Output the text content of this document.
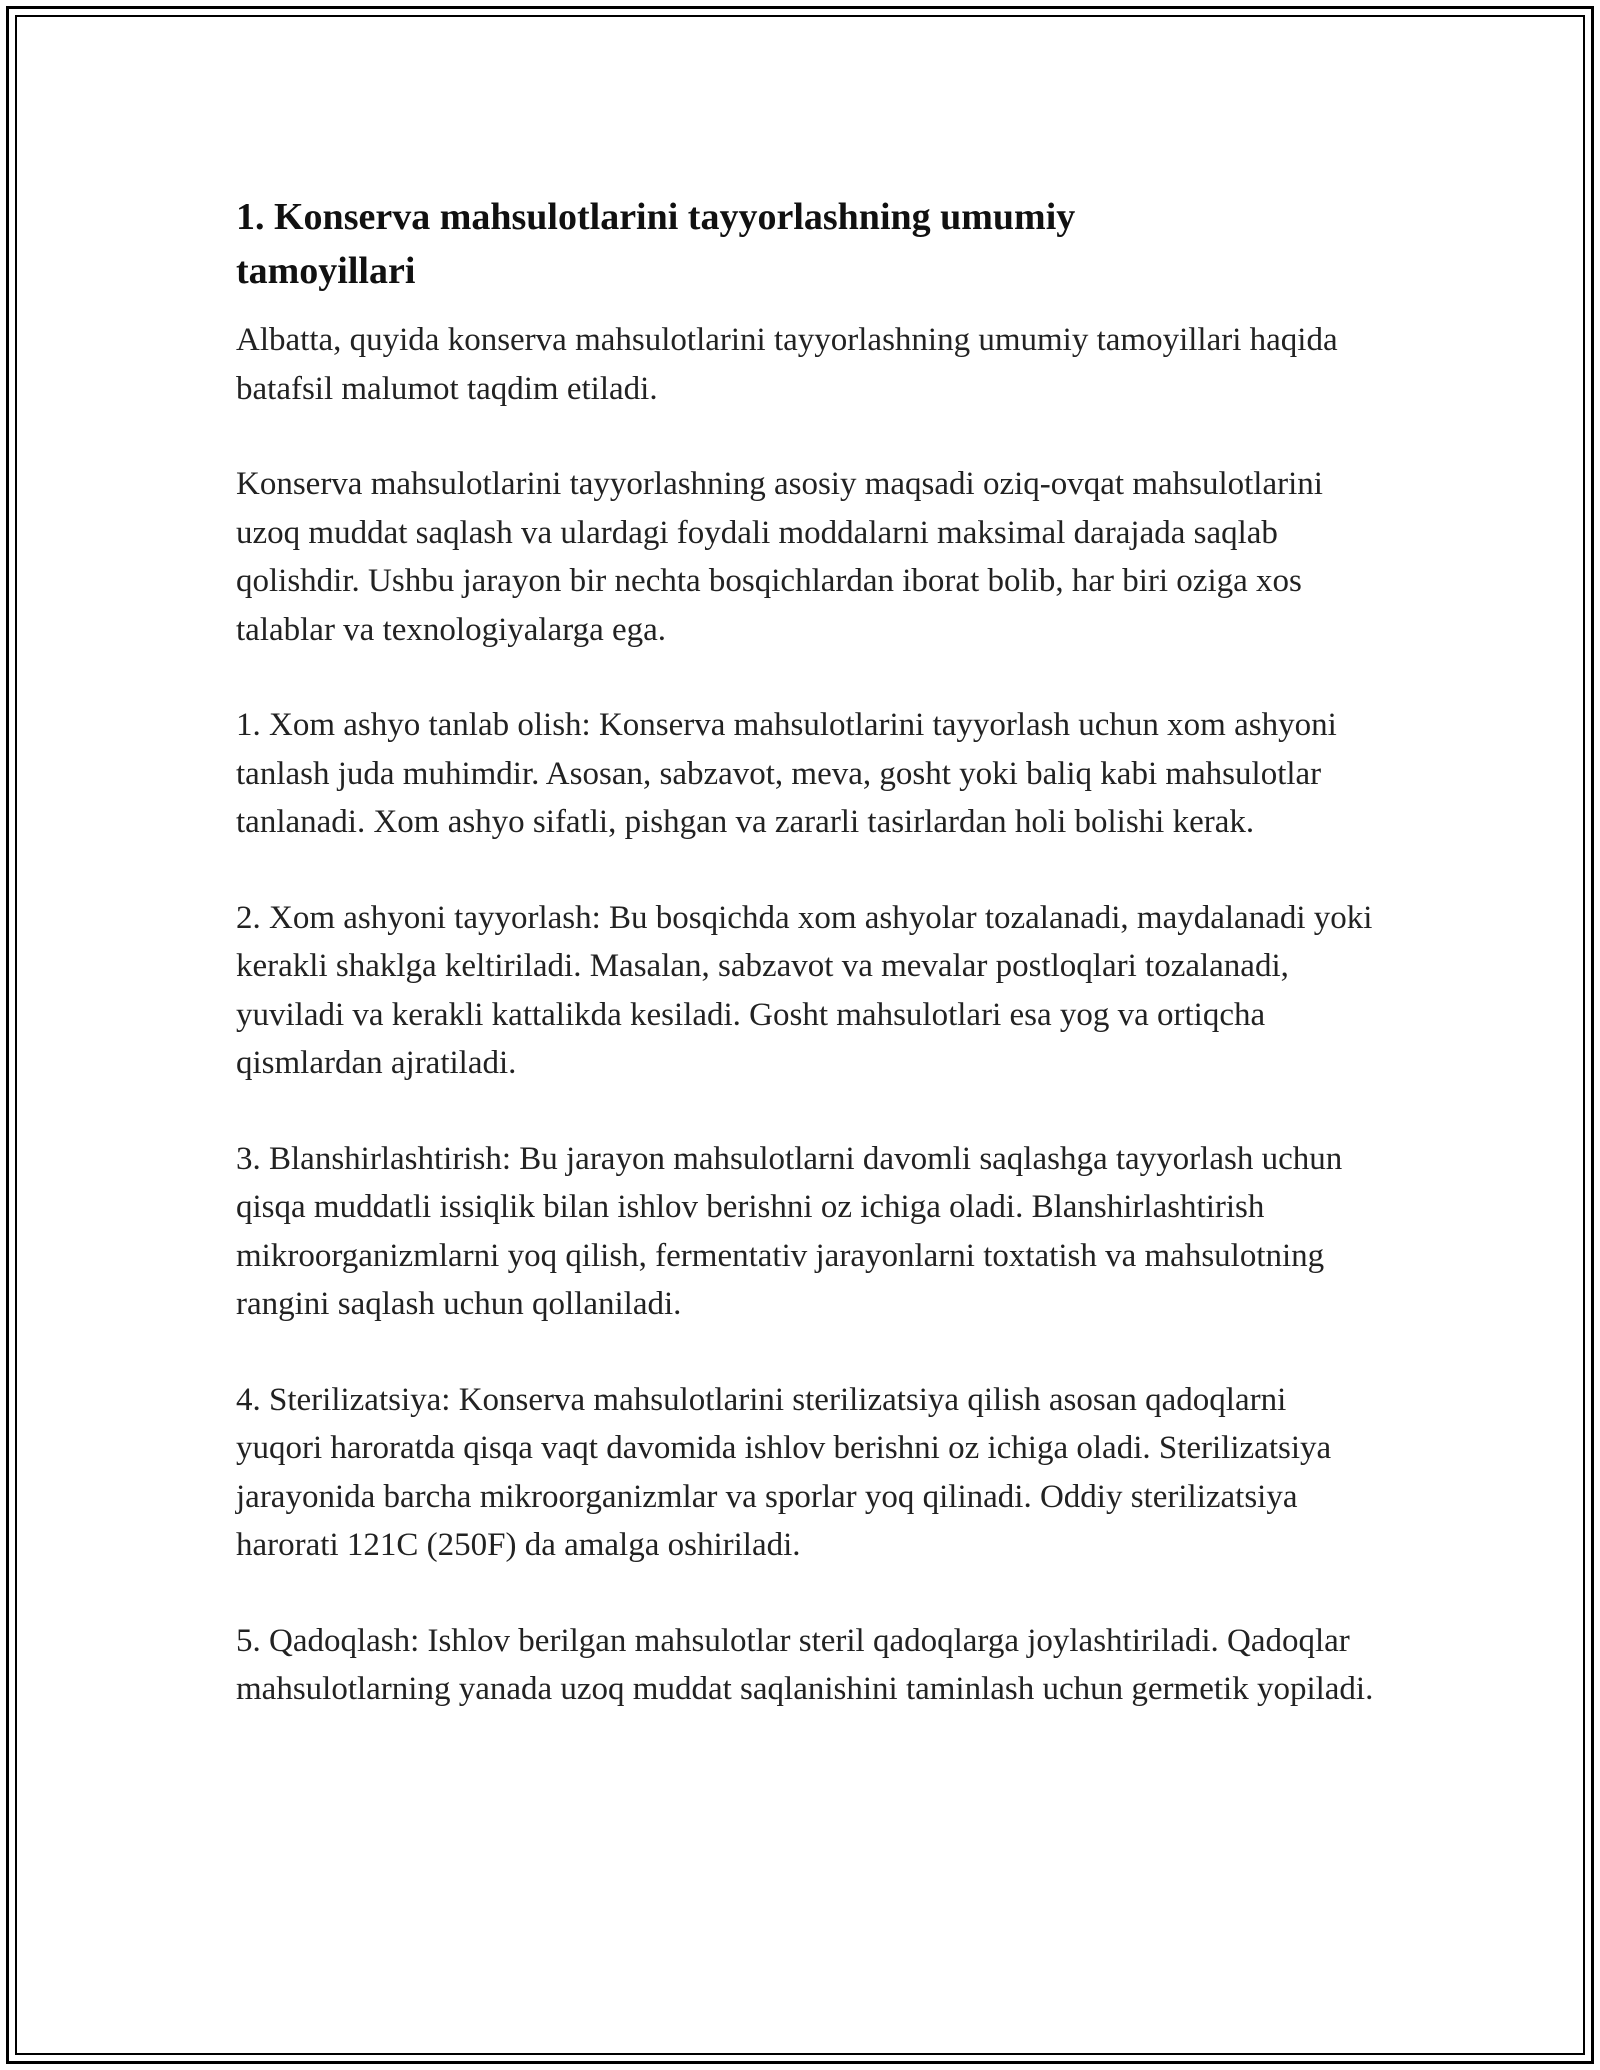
1. Konserva mahsulotlarini tayyorlashning umumiy tamoyillari

Albatta, quyida konserva mahsulotlarini tayyorlashning umumiy tamoyillari haqida batafsil malumot taqdim etiladi.

Konserva mahsulotlarini tayyorlashning asosiy maqsadi oziq-ovqat mahsulotlarini uzoq muddat saqlash va ulardagi foydali moddalarni maksimal darajada saqlab qolishdir. Ushbu jarayon bir nechta bosqichlardan iborat bolib, har biri oziga xos talablar va texnologiyalarga ega.

1. Xom ashyo tanlab olish: Konserva mahsulotlarini tayyorlash uchun xom ashyoni tanlash juda muhimdir. Asosan, sabzavot, meva, gosht yoki baliq kabi mahsulotlar tanlanadi. Xom ashyo sifatli, pishgan va zararli tasirlardan holi bolishi kerak.

2. Xom ashyoni tayyorlash: Bu bosqichda xom ashyolar tozalanadi, maydalanadi yoki kerakli shaklga keltiriladi. Masalan, sabzavot va mevalar postloqlari tozalanadi, yuviladi va kerakli kattalikda kesiladi. Gosht mahsulotlari esa yog va ortiqcha qismlardan ajratiladi.

3. Blanshirlashtirish: Bu jarayon mahsulotlarni davomli saqlashga tayyorlash uchun qisqa muddatli issiqlik bilan ishlov berishni oz ichiga oladi. Blanshirlashtirish mikroorganizmlarni yoq qilish, fermentativ jarayonlarni toxtatish va mahsulotning rangini saqlash uchun qollaniladi.

4. Sterilizatsiya: Konserva mahsulotlarini sterilizatsiya qilish asosan qadoqlarni yuqori haroratda qisqa vaqt davomida ishlov berishni oz ichiga oladi. Sterilizatsiya jarayonida barcha mikroorganizmlar va sporlar yoq qilinadi. Oddiy sterilizatsiya harorati 121C (250F) da amalga oshiriladi.

5. Qadoqlash: Ishlov berilgan mahsulotlar steril qadoqlarga joylashtiriladi. Qadoqlar mahsulotlarning yanada uzoq muddat saqlanishini taminlash uchun germetik yopiladi.
